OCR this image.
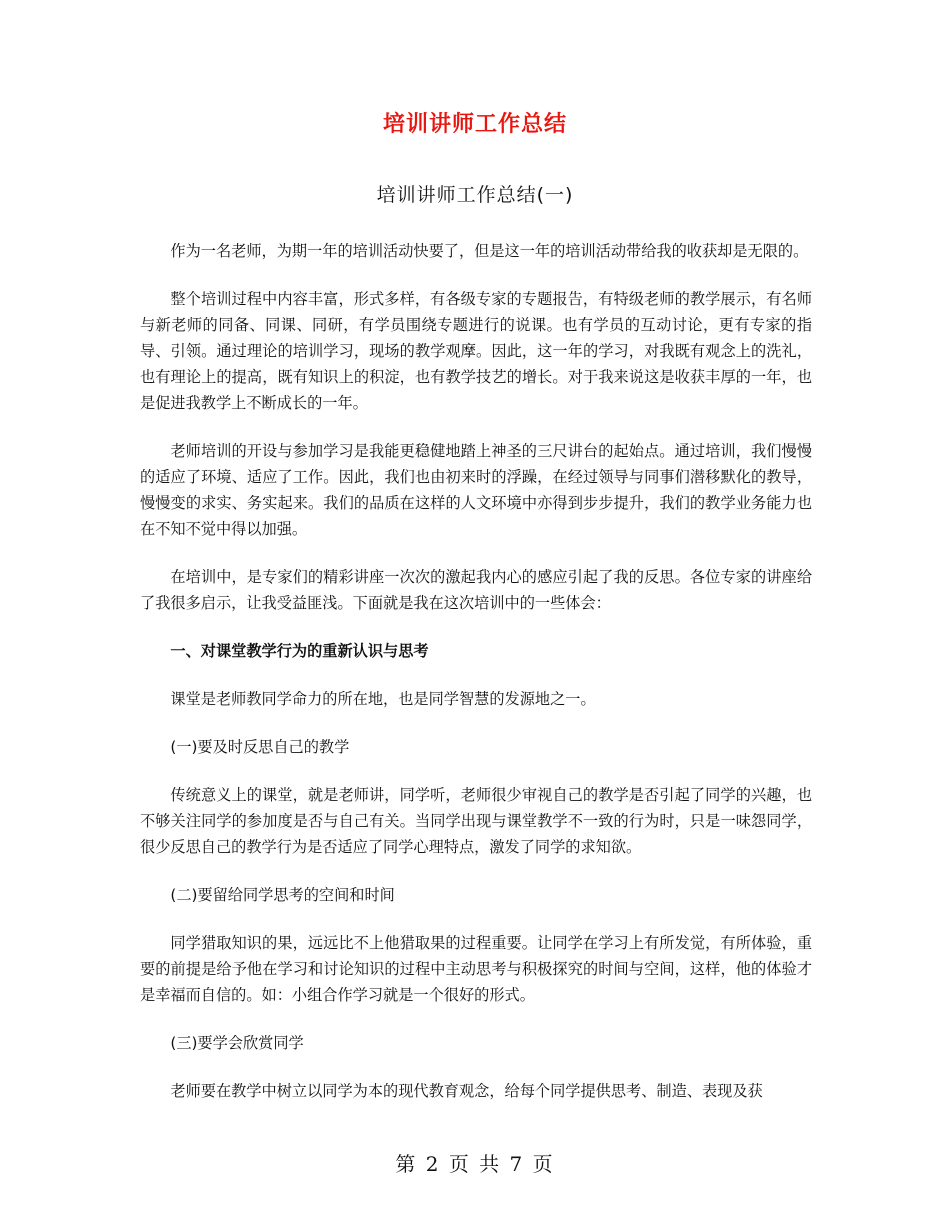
培训讲师工作总结
培训讲师工作总结(一)

作为一名老师，为期一年的培训活动快要了，但是这一年的培训活动带给我的收获却是无限的。

整个培训过程中内容丰富，形式多样，有各级专家的专题报告，有特级老师的教学展示，有名师与新老师的同备、同课、同研，有学员围绕专题进行的说课。也有学员的互动讨论，更有专家的指导、引领。通过理论的培训学习，现场的教学观摩。因此，这一年的学习，对我既有观念上的洗礼，也有理论上的提高，既有知识上的积淀，也有教学技艺的增长。对于我来说这是收获丰厚的一年，也是促进我教学上不断成长的一年。

老师培训的开设与参加学习是我能更稳健地踏上神圣的三尺讲台的起始点。通过培训，我们慢慢的适应了环境、适应了工作。因此，我们也由初来时的浮躁，在经过领导与同事们潜移默化的教导，慢慢变的求实、务实起来。我们的品质在这样的人文环境中亦得到步步提升，我们的教学业务能力也在不知不觉中得以加强。

在培训中，是专家们的精彩讲座一次次的激起我内心的感应引起了我的反思。各位专家的讲座给了我很多启示，让我受益匪浅。下面就是我在这次培训中的一些体会：

一、对课堂教学行为的重新认识与思考

课堂是老师教同学命力的所在地，也是同学智慧的发源地之一。

(一)要及时反思自己的教学

传统意义上的课堂，就是老师讲，同学听，老师很少审视自己的教学是否引起了同学的兴趣，也不够关注同学的参加度是否与自己有关。当同学出现与课堂教学不一致的行为时，只是一味怨同学，很少反思自己的教学行为是否适应了同学心理特点，激发了同学的求知欲。

(二)要留给同学思考的空间和时间

同学猎取知识的果，远远比不上他猎取果的过程重要。让同学在学习上有所发觉，有所体验，重要的前提是给予他在学习和讨论知识的过程中主动思考与积极探究的时间与空间，这样，他的体验才是幸福而自信的。如：小组合作学习就是一个很好的形式。

(三)要学会欣赏同学

老师要在教学中树立以同学为本的现代教育观念，给每个同学提供思考、制造、表现及获

第 2 页 共 7 页
